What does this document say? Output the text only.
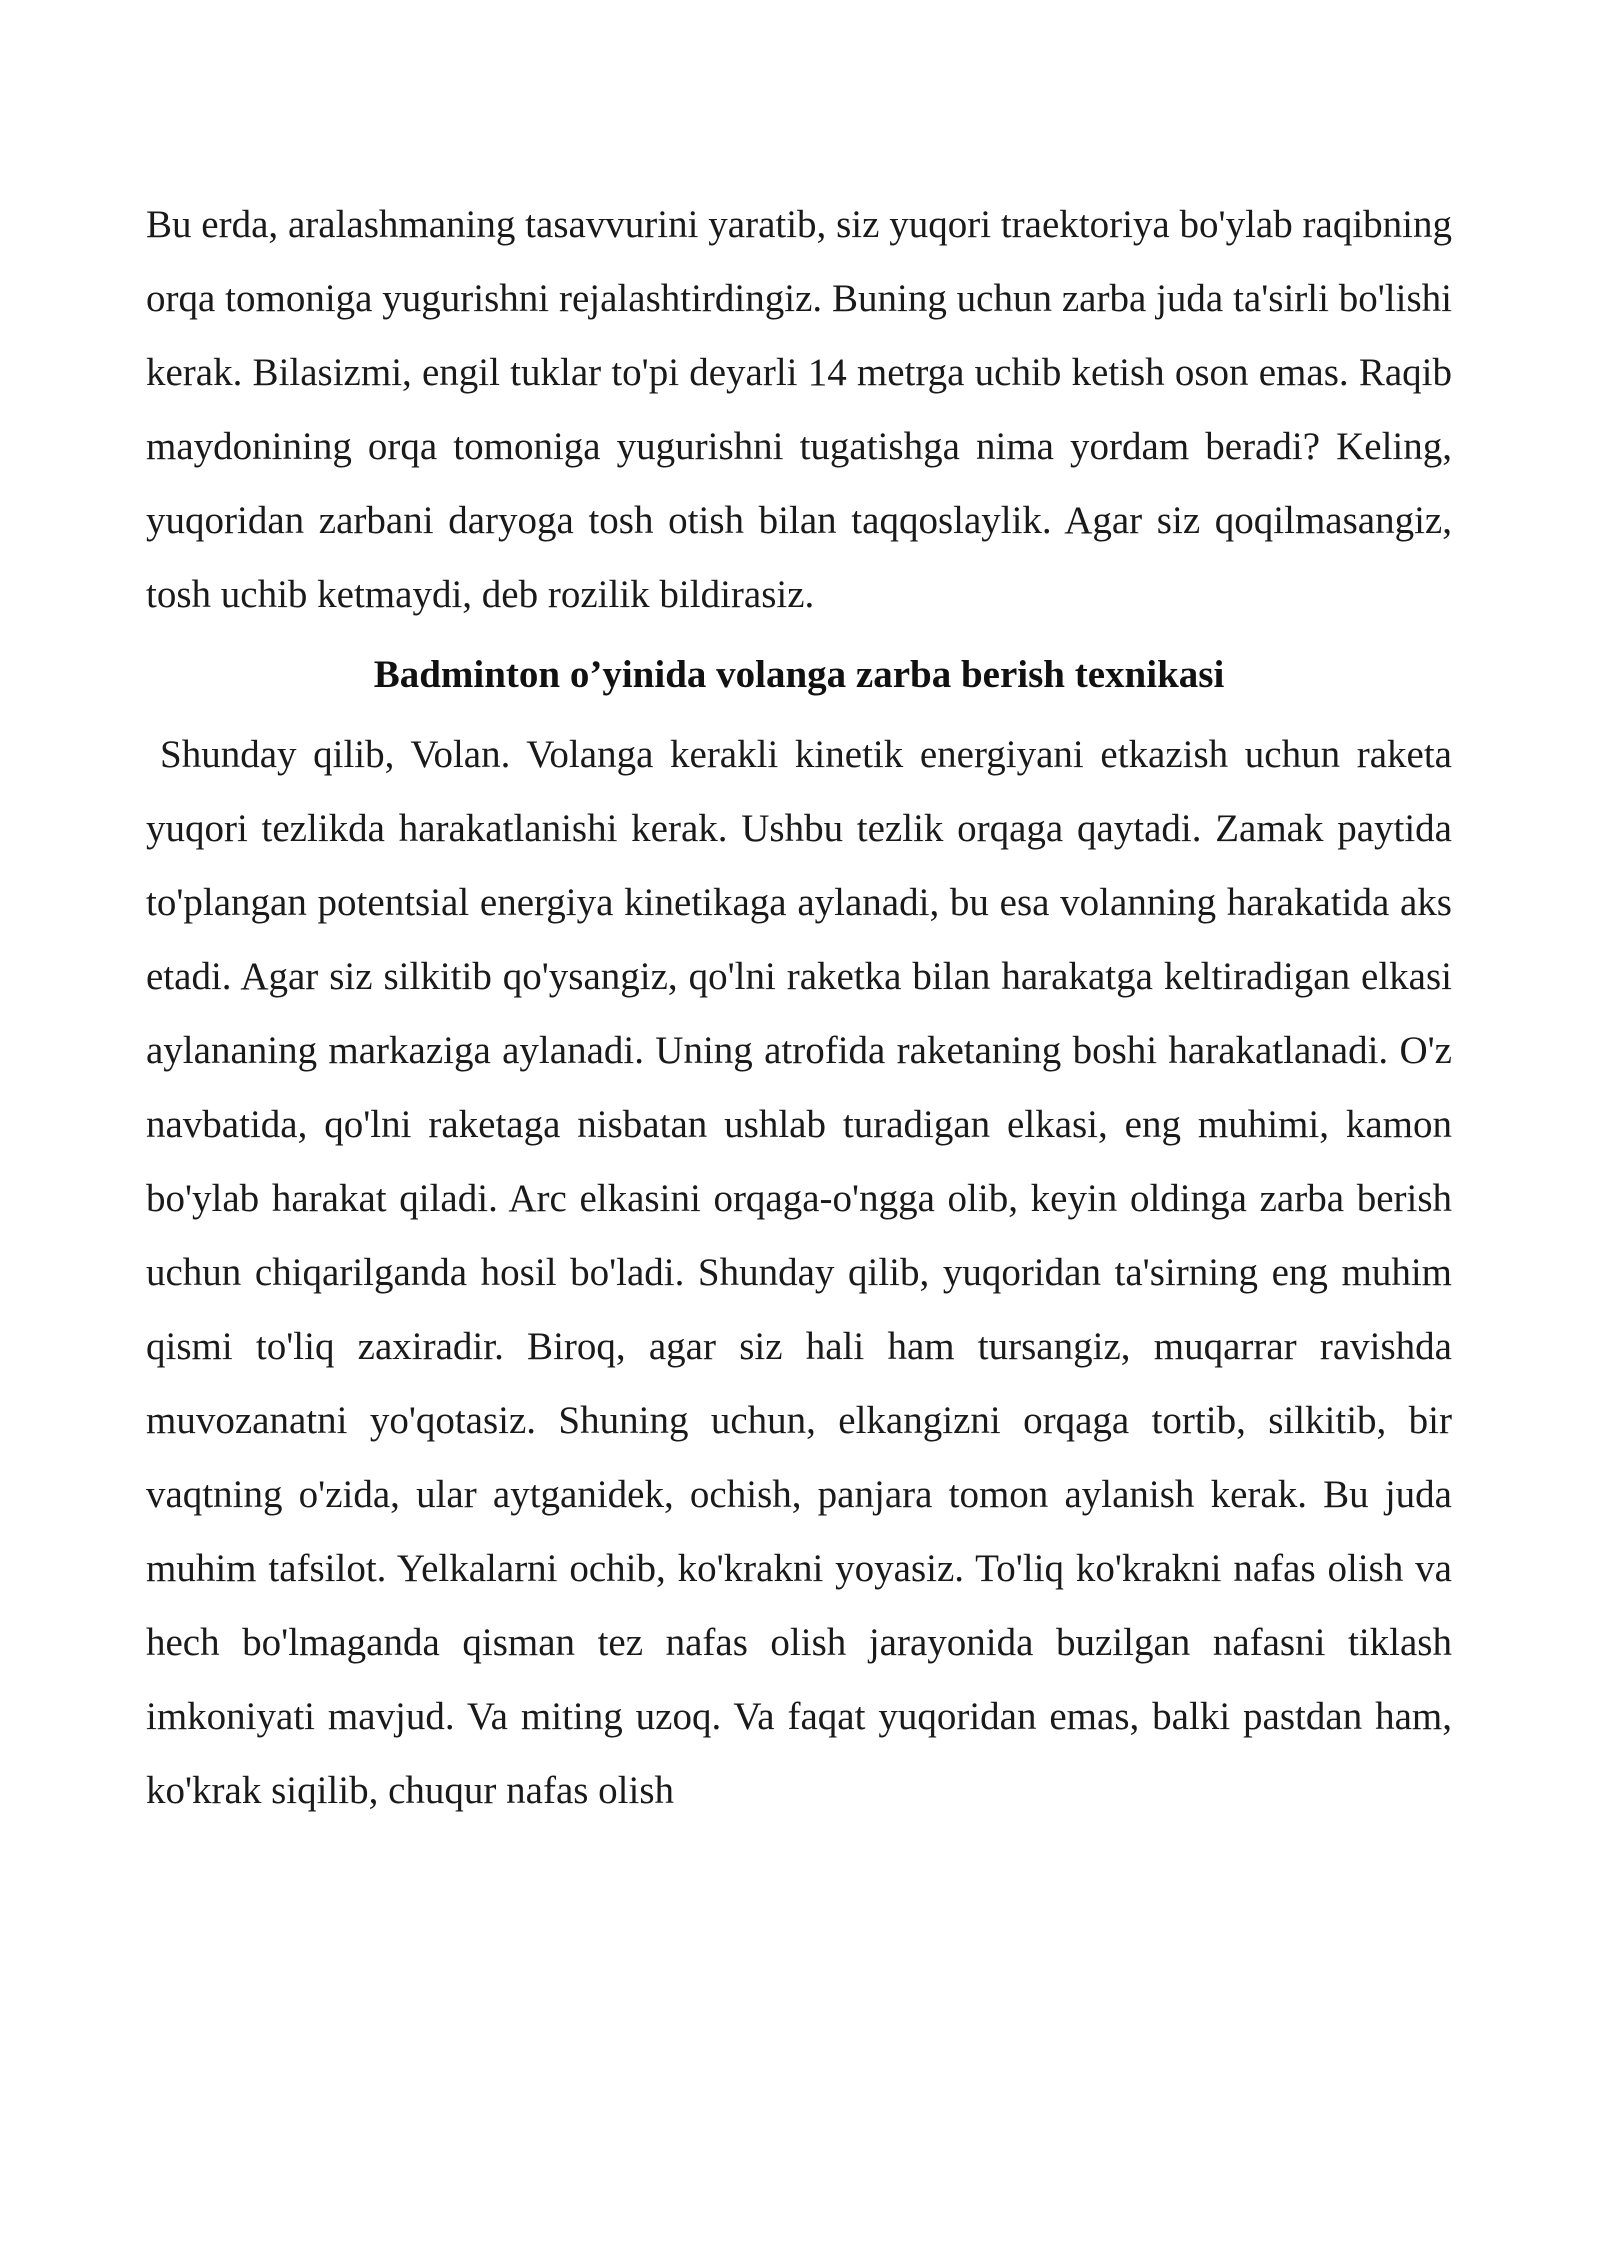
Bu erda, aralashmaning tasavvurini yaratib, siz yuqori traektoriya bo'ylab raqibning orqa tomoniga yugurishni rejalashtirdingiz. Buning uchun zarba juda ta'sirli bo'lishi kerak. Bilasizmi, engil tuklar to'pi deyarli 14 metrga uchib ketish oson emas. Raqib maydonining orqa tomoniga yugurishni tugatishga nima yordam beradi? Keling, yuqoridan zarbani daryoga tosh otish bilan taqqoslaylik. Agar siz qoqilmasangiz, tosh uchib ketmaydi, deb rozilik bildirasiz.

Badminton o’yinida volanga zarba berish texnikasi

Shunday qilib, Volan. Volanga kerakli kinetik energiyani etkazish uchun raketa yuqori tezlikda harakatlanishi kerak. Ushbu tezlik orqaga qaytadi. Zamak paytida to'plangan potentsial energiya kinetikaga aylanadi, bu esa volanning harakatida aks etadi. Agar siz silkitib qo'ysangiz, qo'lni raketka bilan harakatga keltiradigan elkasi aylananing markaziga aylanadi. Uning atrofida raketaning boshi harakatlanadi. O'z navbatida, qo'lni raketaga nisbatan ushlab turadigan elkasi, eng muhimi, kamon bo'ylab harakat qiladi. Arc elkasini orqaga-o'ngga olib, keyin oldinga zarba berish uchun chiqarilganda hosil bo'ladi. Shunday qilib, yuqoridan ta'sirning eng muhim qismi to'liq zaxiradir. Biroq, agar siz hali ham tursangiz, muqarrar ravishda muvozanatni yo'qotasiz. Shuning uchun, elkangizni orqaga tortib, silkitib, bir vaqtning o'zida, ular aytganidek, ochish, panjara tomon aylanish kerak. Bu juda muhim tafsilot. Yelkalarni ochib, ko'krakni yoyasiz. To'liq ko'krakni nafas olish va hech bo'lmaganda qisman tez nafas olish jarayonida buzilgan nafasni tiklash imkoniyati mavjud. Va miting uzoq. Va faqat yuqoridan emas, balki pastdan ham, ko'krak siqilib, chuqur nafas olish
